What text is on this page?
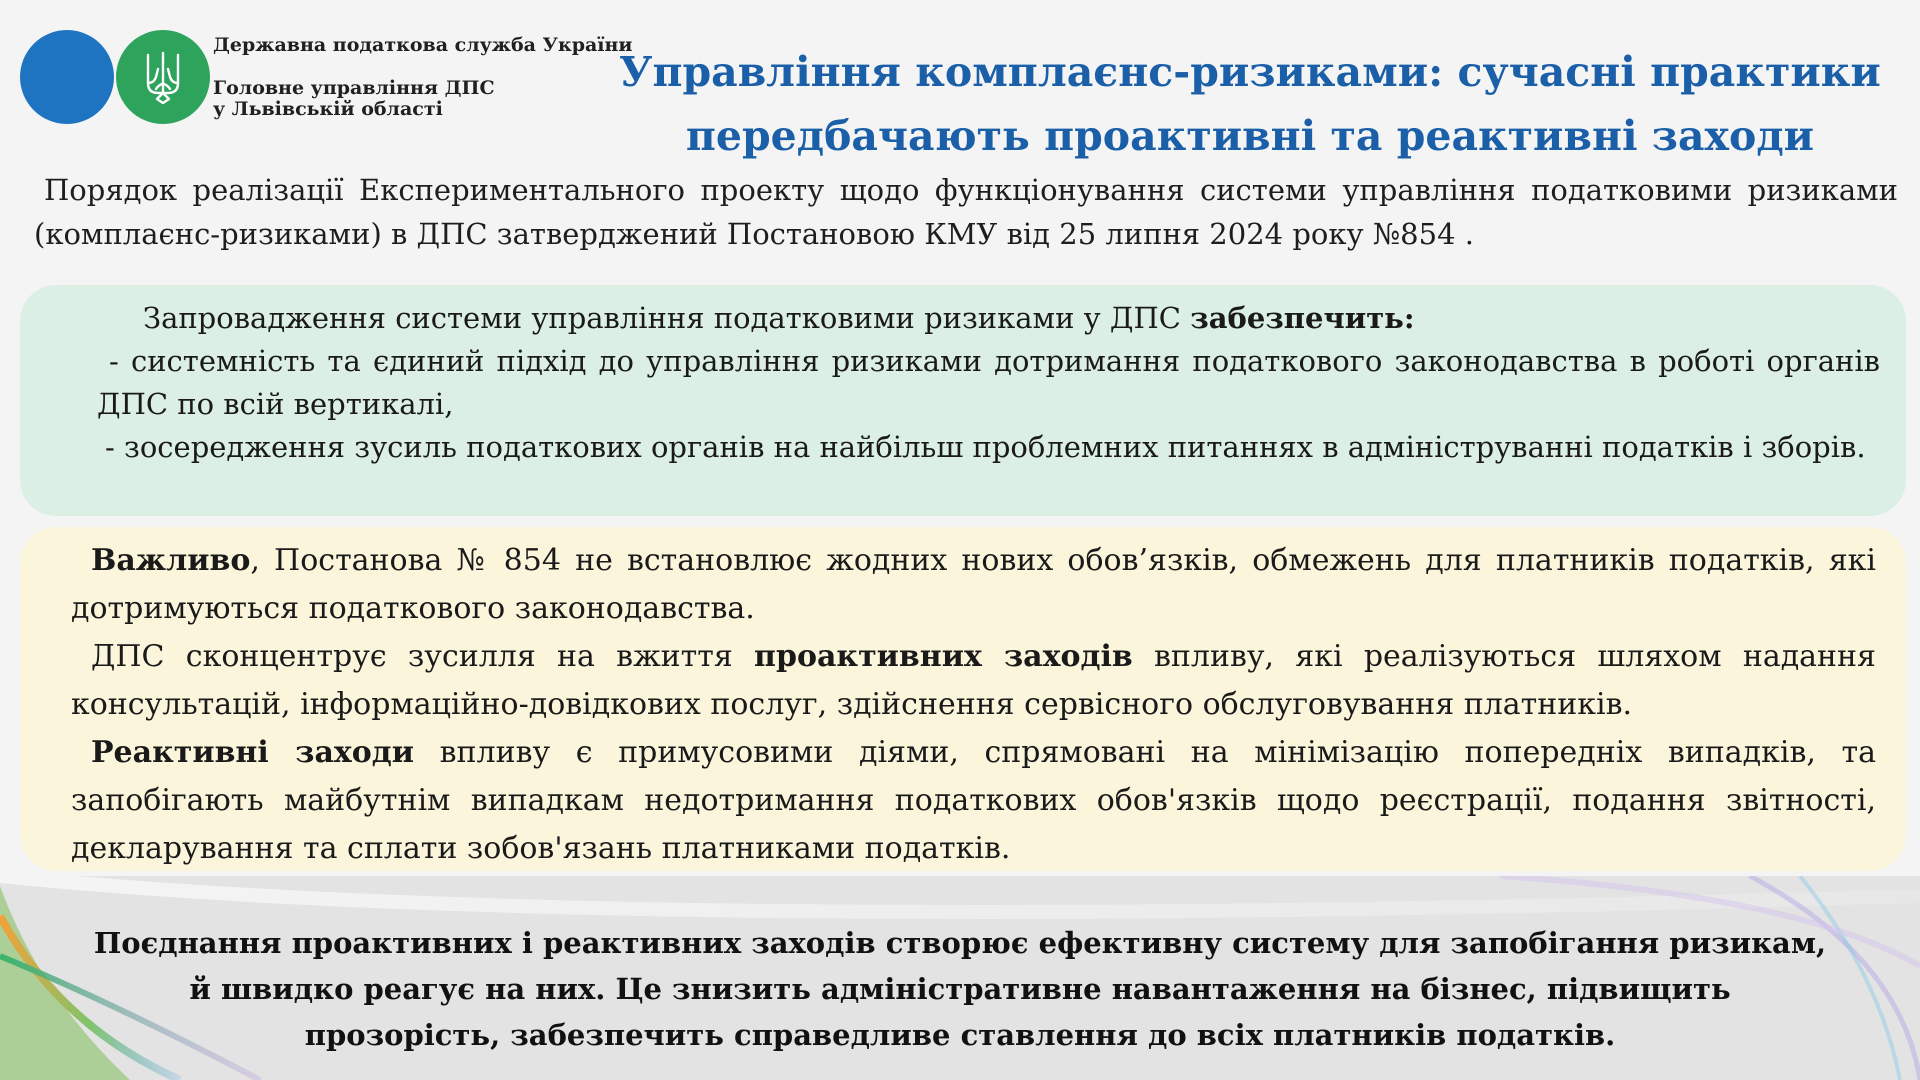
Державна податкова служба України
Головне управління ДПС
у Львівській області
Управління комплаєнс-ризиками: сучасні практики
передбачають проактивні та реактивні заходи
Порядок реалізації Експериментального проекту щодо функціонування системи управління податковими ризиками (комплаєнс-ризиками) в ДПС затверджений Постановою КМУ від 25 липня 2024 року №854 .
Запровадження системи управління податковими ризиками у ДПС забезпечить:
- системність та єдиний підхід до управління ризиками дотримання податкового законодавства в роботі органів ДПС по всій вертикалі,
- зосередження зусиль податкових органів на найбільш проблемних питаннях в адмініструванні податків і зборів.

Важливо, Постанова № 854 не встановлює жодних нових обов’язків, обмежень для платників податків, які дотримуються податкового законодавства.

ДПС сконцентрує зусилля на вжиття проактивних заходів впливу, які реалізуються шляхом надання консультацій, інформаційно-довідкових послуг, здійснення сервісного обслуговування платників.

Реактивні заходи впливу є примусовими діями, спрямовані на мінімізацію попередніх випадків, та запобігають майбутнім випадкам недотримання податкових обов'язків щодо реєстрації, подання звітності, декларування та сплати зобов'язань платниками податків.

Поєднання проактивних і реактивних заходів створює ефективну систему для запобігання ризикам,
й швидко реагує на них. Це знизить адміністративне навантаження на бізнес, підвищить
прозорість, забезпечить справедливе ставлення до всіх платників податків.
